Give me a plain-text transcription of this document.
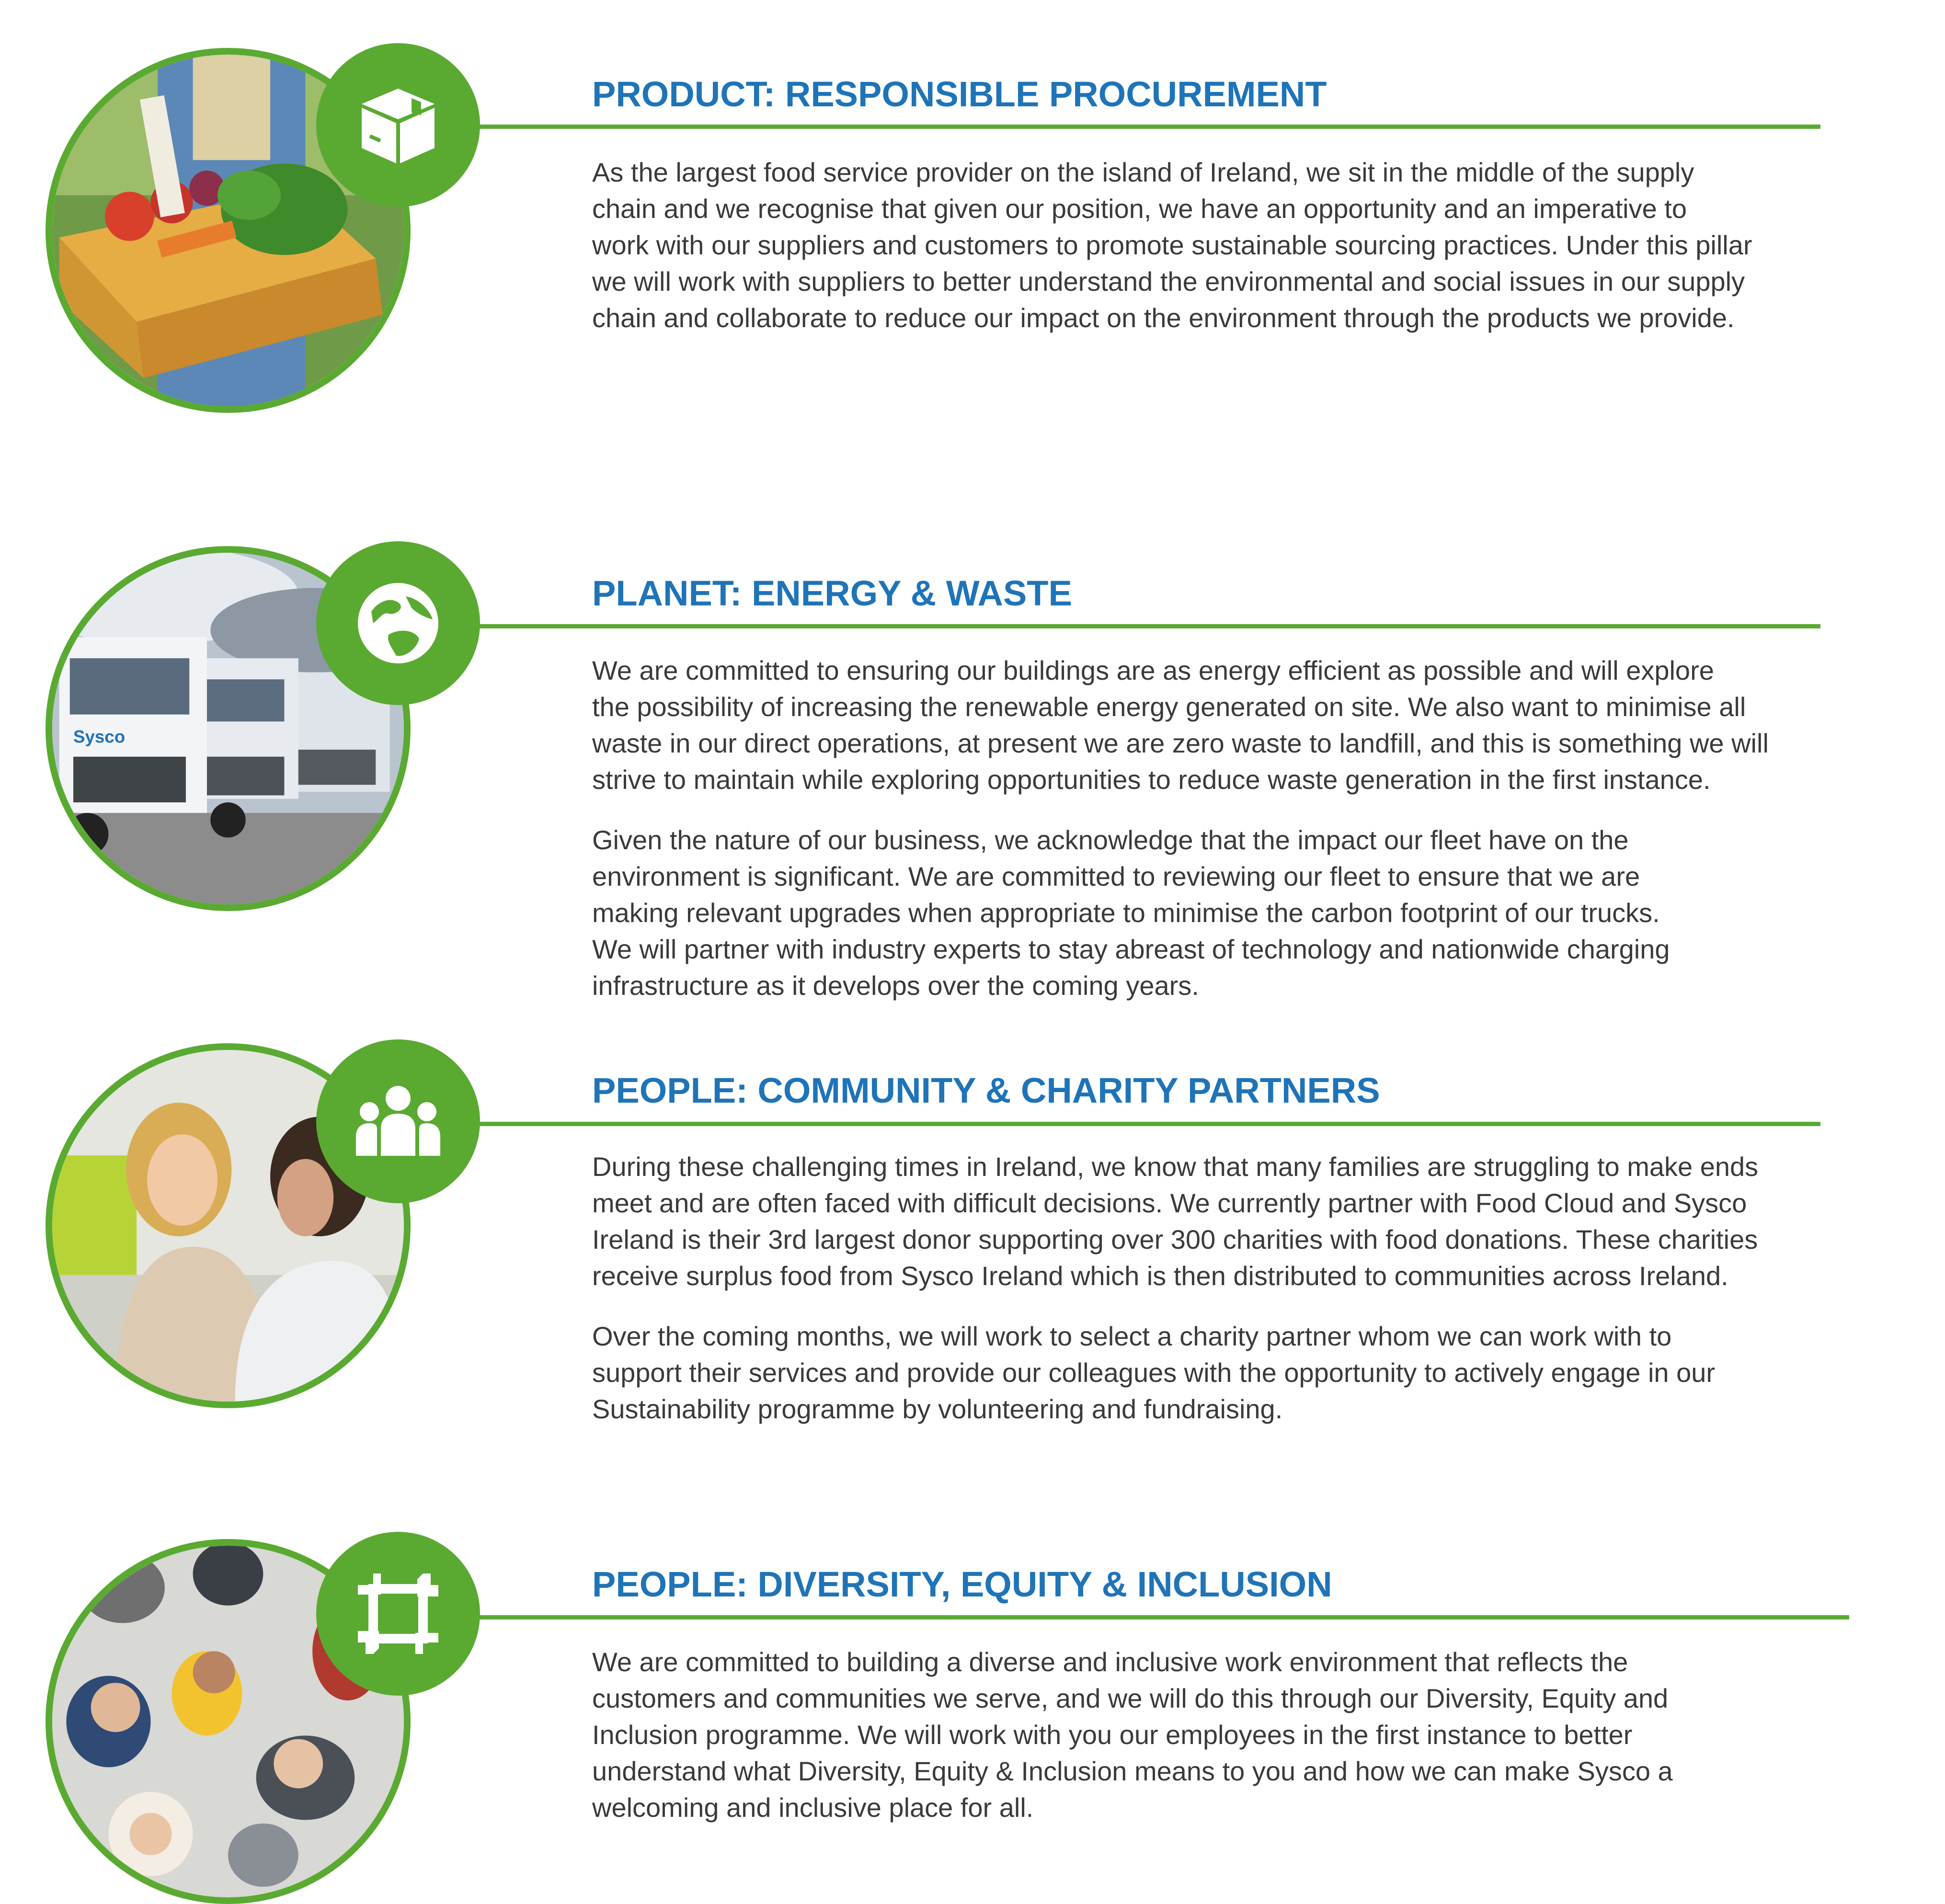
PRODUCT: RESPONSIBLE PROCUREMENT

As the largest food service provider on the island of Ireland, we sit in the middle of the supply
chain and we recognise that given our position, we have an opportunity and an imperative to
work with our suppliers and customers to promote sustainable sourcing practices. Under this pillar
we will work with suppliers to better understand the environmental and social issues in our supply
chain and collaborate to reduce our impact on the environment through the products we provide.

Sysco
PLANET: ENERGY & WASTE

We are committed to ensuring our buildings are as energy efficient as possible and will explore
the possibility of increasing the renewable energy generated on site. We also want to minimise all
waste in our direct operations, at present we are zero waste to landfill, and this is something we will
strive to maintain while exploring opportunities to reduce waste generation in the first instance.

Given the nature of our business, we acknowledge that the impact our fleet have on the
environment is significant. We are committed to reviewing our fleet to ensure that we are
making relevant upgrades when appropriate to minimise the carbon footprint of our trucks.
We will partner with industry experts to stay abreast of technology and nationwide charging
infrastructure as it develops over the coming years.

PEOPLE: COMMUNITY & CHARITY PARTNERS

During these challenging times in Ireland, we know that many families are struggling to make ends
meet and are often faced with difficult decisions. We currently partner with Food Cloud and Sysco
Ireland is their 3rd largest donor supporting over 300 charities with food donations. These charities
receive surplus food from Sysco Ireland which is then distributed to communities across Ireland.

Over the coming months, we will work to select a charity partner whom we can work with to
support their services and provide our colleagues with the opportunity to actively engage in our
Sustainability programme by volunteering and fundraising.

PEOPLE: DIVERSITY, EQUITY & INCLUSION

We are committed to building a diverse and inclusive work environment that reflects the
customers and communities we serve, and we will do this through our Diversity, Equity and
Inclusion programme. We will work with you our employees in the first instance to better
understand what Diversity, Equity & Inclusion means to you and how we can make Sysco a
welcoming and inclusive place for all.
